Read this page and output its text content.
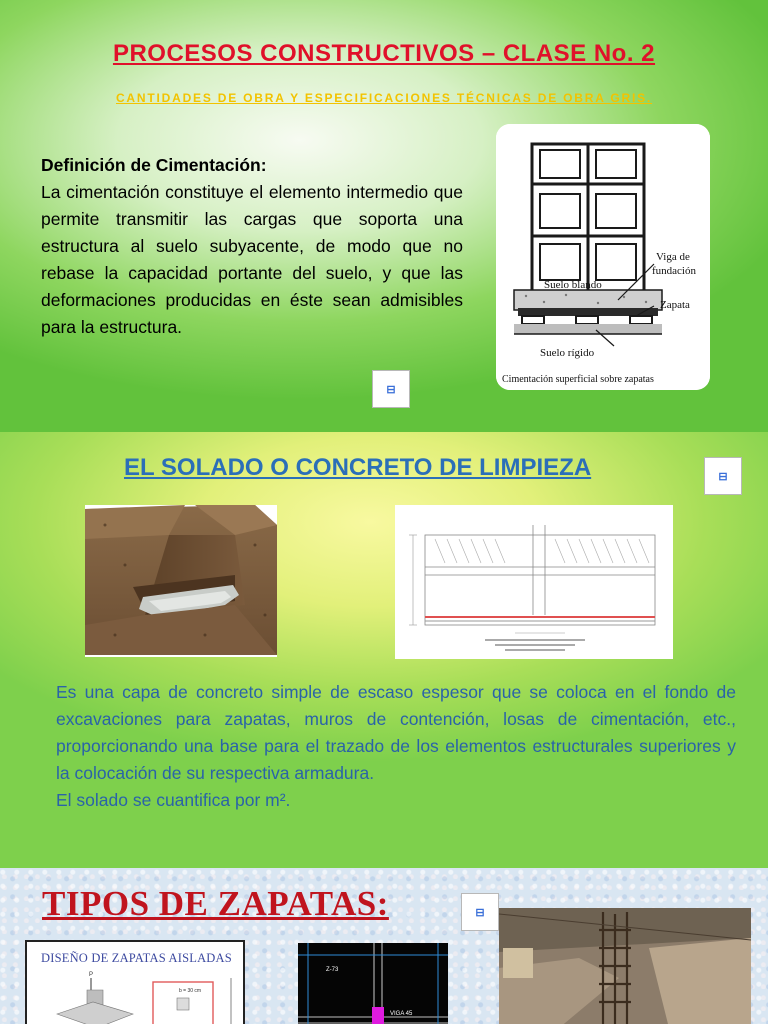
PROCESOS CONSTRUCTIVOS – CLASE No. 2
CANTIDADES DE OBRA Y ESPECIFICACIONES TÉCNICAS DE OBRA GRIS.
Definición de Cimentación:
La cimentación constituye el elemento intermedio que permite transmitir las cargas que soporta una estructura al suelo subyacente, de modo que no rebase la capacidad portante del suelo, y que las deformaciones producidas en éste sean admisibles para la estructura.
Viga de
fundación
Suelo blando
Zapata
Suelo rígido
Cimentación superficial sobre zapatas
⊟
EL SOLADO O CONCRETO DE LIMPIEZA	⊟

Es una capa de concreto simple de escaso espesor que se coloca en el fondo de excavaciones para zapatas, muros de contención, losas de cimentación, etc., proporcionando una base para el trazado de los elementos estructurales superiores y la colocación de su respectiva armadura.

El solado se cuantifica por m².

TIPOS DE ZAPATAS:	⊟
DISEÑO DE ZAPATAS AISLADAS
P
b = 30 cm
Z-73
VIGA 45
